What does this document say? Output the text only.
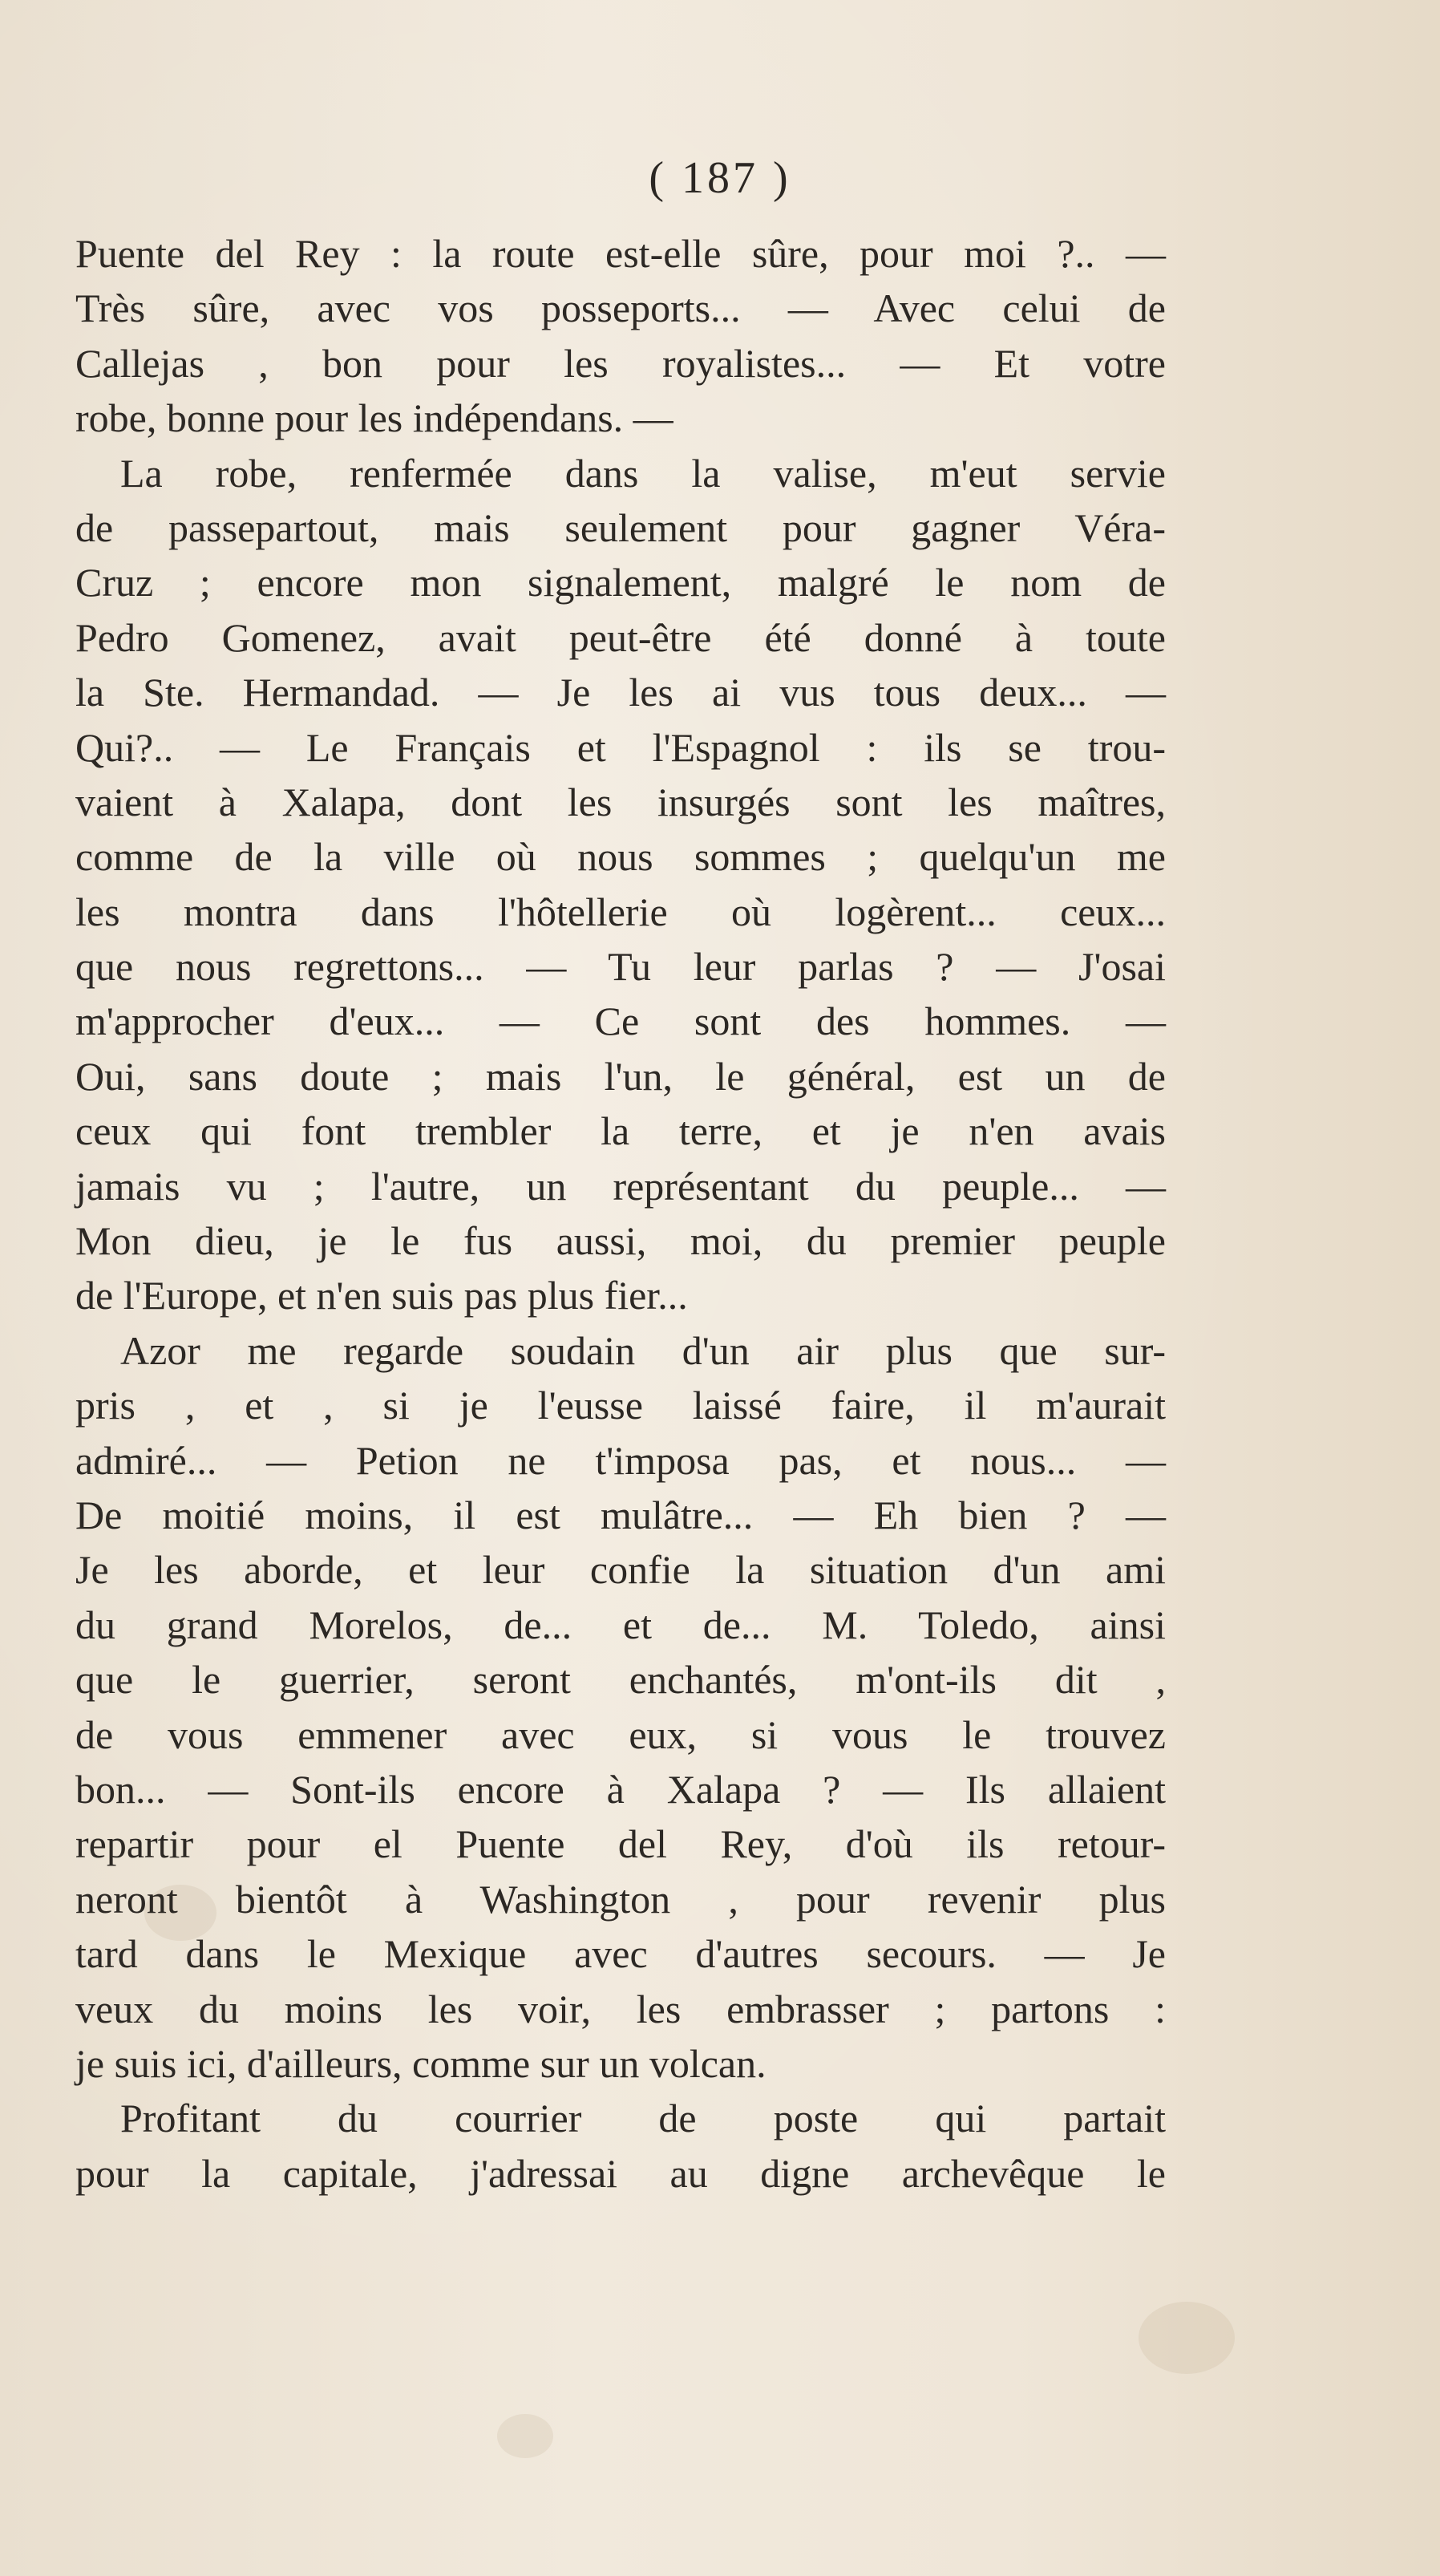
( 187 )
Puente del Rey : la route est-elle sûre, pour moi ?.. —
Très sûre, avec vos posseports... — Avec celui de
Callejas , bon pour les royalistes... — Et votre
robe, bonne pour les indépendans. —
La robe, renfermée dans la valise, m'eut servie
de passepartout, mais seulement pour gagner Véra-
Cruz ; encore mon signalement, malgré le nom de
Pedro Gomenez, avait peut-être été donné à toute
la Ste. Hermandad. — Je les ai vus tous deux... —
Qui?.. — Le Français et l'Espagnol : ils se trou-
vaient à Xalapa, dont les insurgés sont les maîtres,
comme de la ville où nous sommes ; quelqu'un me
les montra dans l'hôtellerie où logèrent... ceux...
que nous regrettons... — Tu leur parlas ? — J'osai
m'approcher d'eux... — Ce sont des hommes. —
Oui, sans doute ; mais l'un, le général, est un de
ceux qui font trembler la terre, et je n'en avais
jamais vu ; l'autre, un représentant du peuple... —
Mon dieu, je le fus aussi, moi, du premier peuple
de l'Europe, et n'en suis pas plus fier...
Azor me regarde soudain d'un air plus que sur-
pris , et , si je l'eusse laissé faire, il m'aurait
admiré... — Petion ne t'imposa pas, et nous... —
De moitié moins, il est mulâtre... — Eh bien ? —
Je les aborde, et leur confie la situation d'un ami
du grand Morelos, de... et de... M. Toledo, ainsi
que le guerrier, seront enchantés, m'ont-ils dit ,
de vous emmener avec eux, si vous le trouvez
bon... — Sont-ils encore à Xalapa ? — Ils allaient
repartir pour el Puente del Rey, d'où ils retour-
neront bientôt à Washington , pour revenir plus
tard dans le Mexique avec d'autres secours. — Je
veux du moins les voir, les embrasser ; partons :
je suis ici, d'ailleurs, comme sur un volcan.
Profitant du courrier de poste qui partait
pour la capitale, j'adressai au digne archevêque le
